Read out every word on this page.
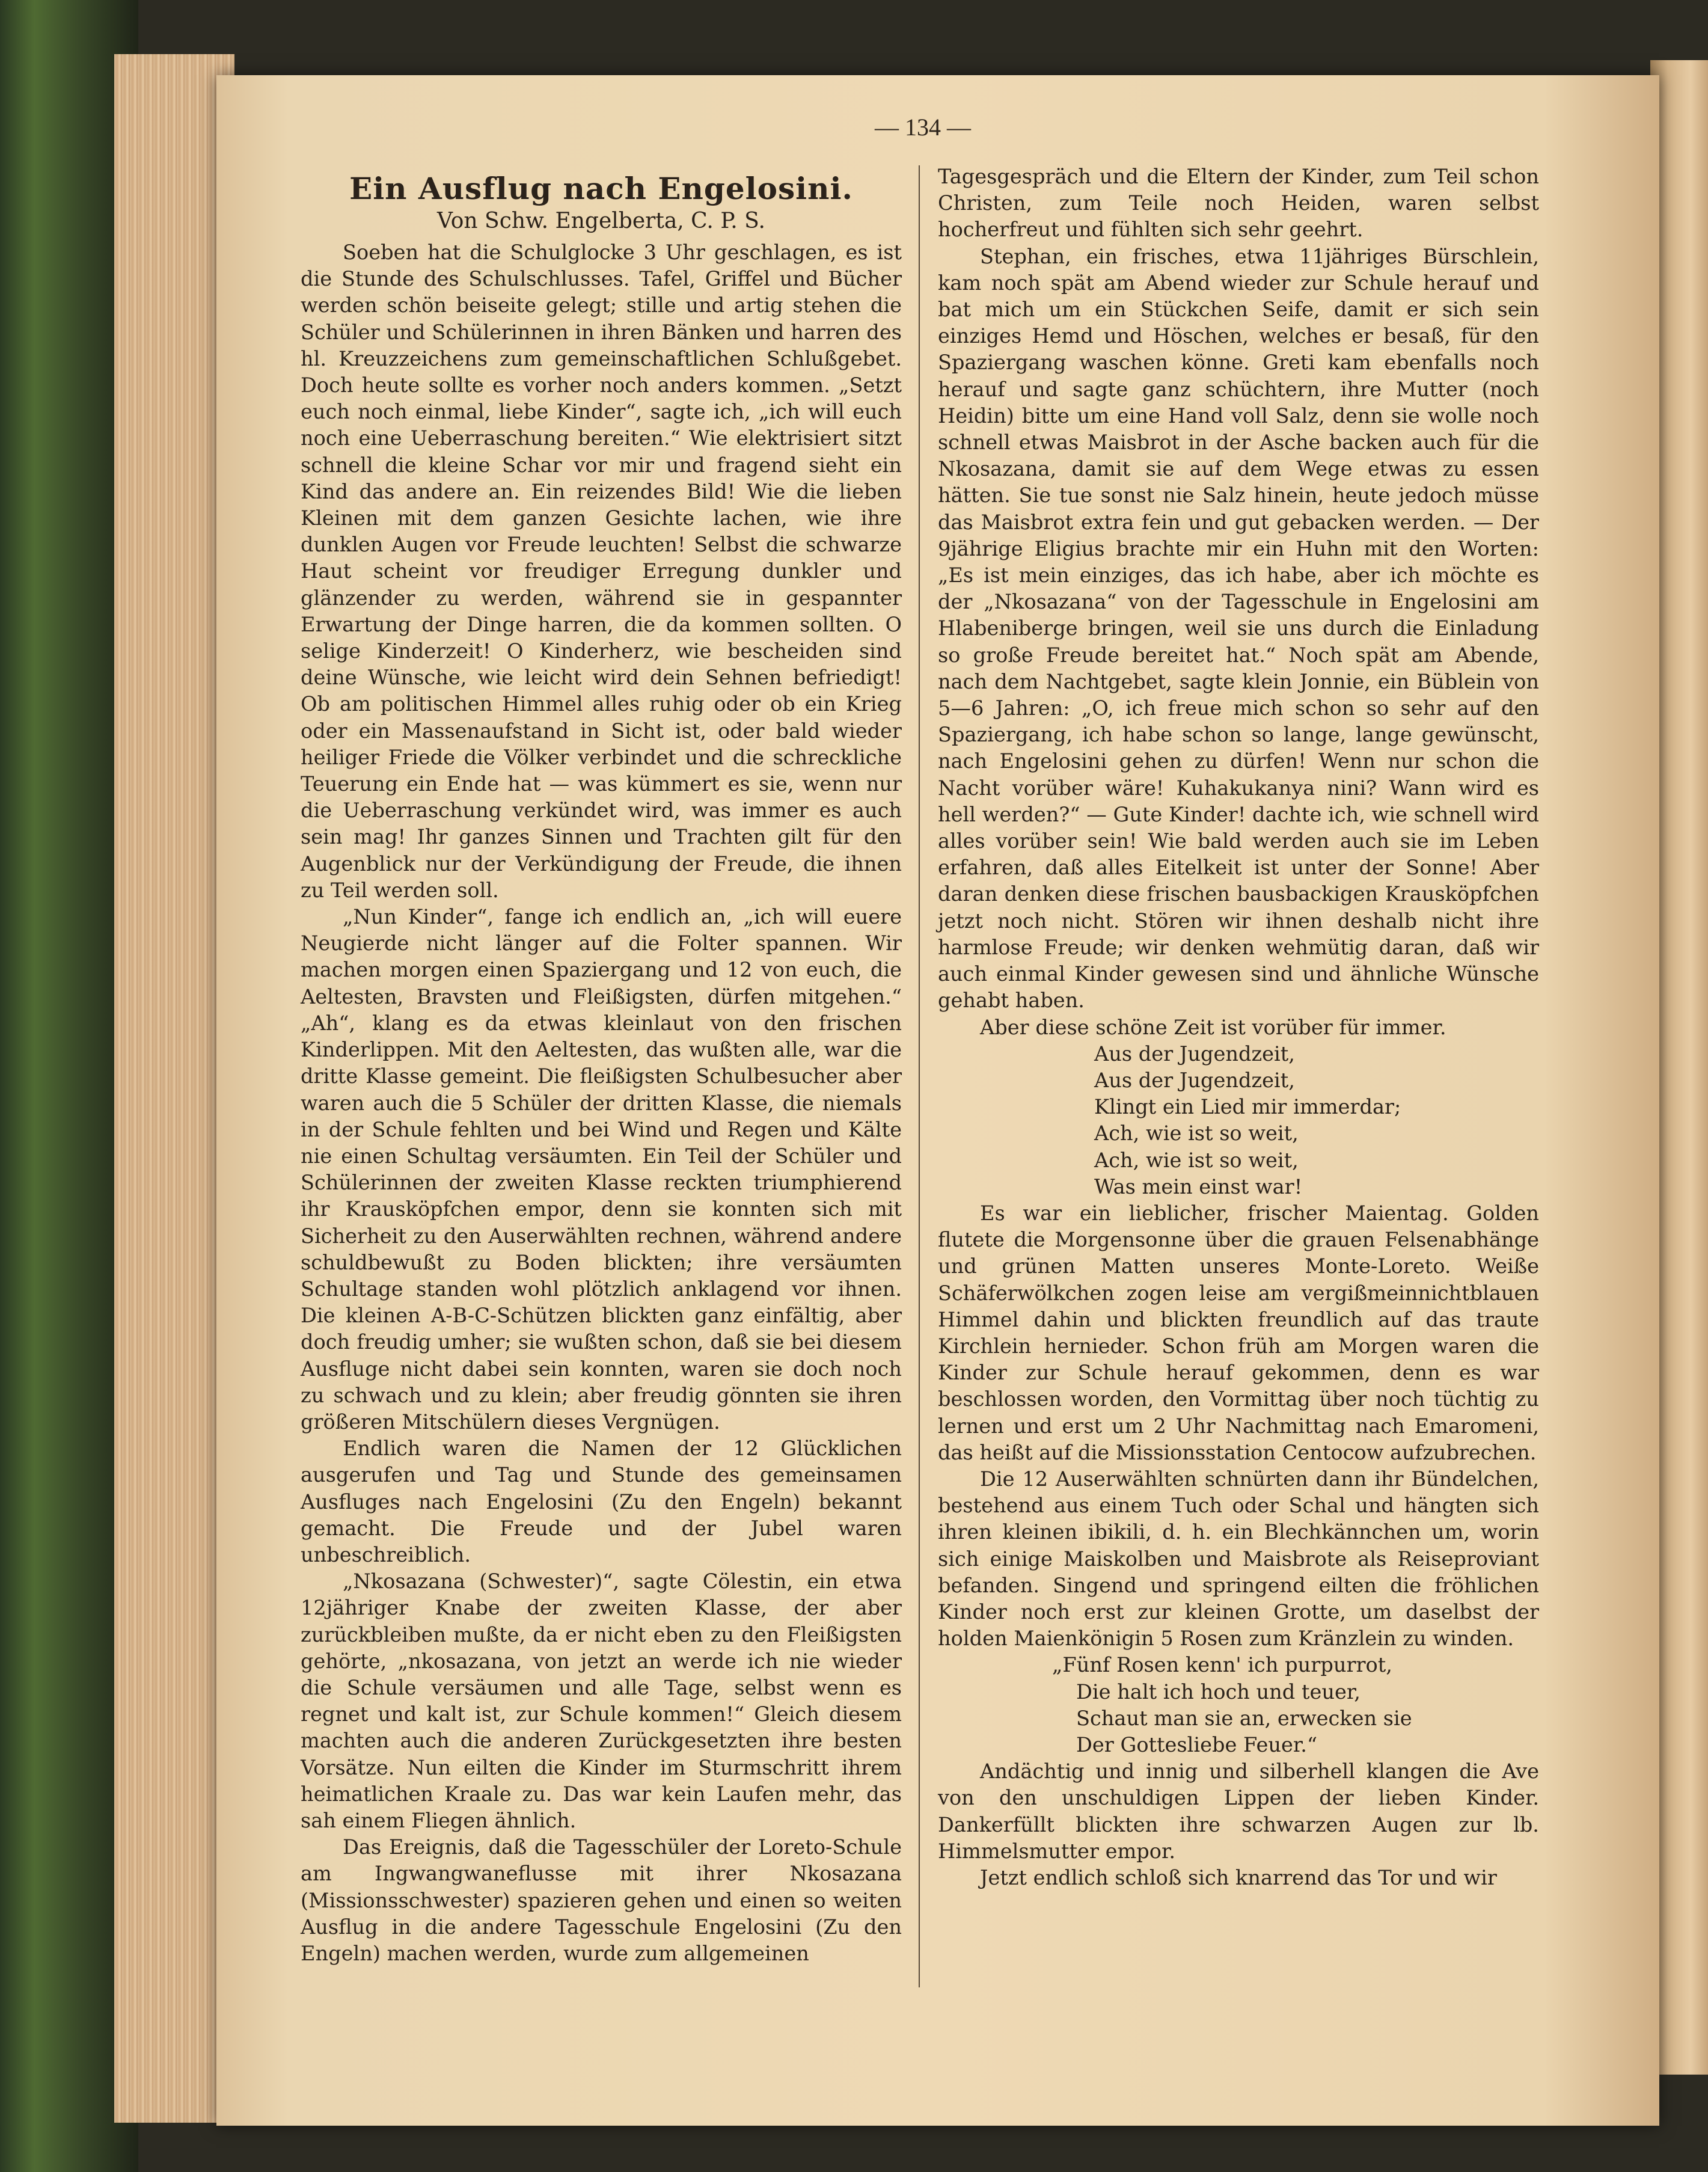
— 134 —
Ein Ausflug nach Engelosini.
Von Schw. Engelberta, C. P. S.

Soeben hat die Schulglocke 3 Uhr geschlagen, es ist die Stunde des Schulschlusses. Tafel, Griffel und Bücher werden schön beiseite gelegt; stille und artig stehen die Schüler und Schülerinnen in ihren Bänken und harren des hl. Kreuzzeichens zum gemeinschaftlichen Schlußgebet. Doch heute sollte es vorher noch anders kommen. „Setzt euch noch einmal, liebe Kinder“, sagte ich, „ich will euch noch eine Ueberraschung bereiten.“ Wie elektrisiert sitzt schnell die kleine Schar vor mir und fragend sieht ein Kind das andere an. Ein reizendes Bild! Wie die lieben Kleinen mit dem ganzen Gesichte lachen, wie ihre dunklen Augen vor Freude leuchten! Selbst die schwarze Haut scheint vor freudiger Erregung dunkler und glänzender zu werden, während sie in gespannter Erwartung der Dinge harren, die da kommen sollten. O selige Kinderzeit! O Kinderherz, wie bescheiden sind deine Wünsche, wie leicht wird dein Sehnen befriedigt! Ob am politischen Himmel alles ruhig oder ob ein Krieg oder ein Massenaufstand in Sicht ist, oder bald wieder heiliger Friede die Völker verbindet und die schreckliche Teuerung ein Ende hat — was kümmert es sie, wenn nur die Ueberraschung verkündet wird, was immer es auch sein mag! Ihr ganzes Sinnen und Trachten gilt für den Augenblick nur der Verkündigung der Freude, die ihnen zu Teil werden soll.

„Nun Kinder“, fange ich endlich an, „ich will euere Neugierde nicht länger auf die Folter spannen. Wir machen morgen einen Spaziergang und 12 von euch, die Aeltesten, Bravsten und Fleißigsten, dürfen mitgehen.“ „Ah“, klang es da etwas kleinlaut von den frischen Kinderlippen. Mit den Aeltesten, das wußten alle, war die dritte Klasse gemeint. Die fleißigsten Schulbesucher aber waren auch die 5 Schüler der dritten Klasse, die niemals in der Schule fehlten und bei Wind und Regen und Kälte nie einen Schultag versäumten. Ein Teil der Schüler und Schülerinnen der zweiten Klasse reckten triumphierend ihr Krausköpfchen empor, denn sie konnten sich mit Sicherheit zu den Auserwählten rechnen, während andere schuldbewußt zu Boden blickten; ihre versäumten Schultage standen wohl plötzlich anklagend vor ihnen. Die kleinen A-B-C-Schützen blickten ganz einfältig, aber doch freudig umher; sie wußten schon, daß sie bei diesem Ausfluge nicht dabei sein konnten, waren sie doch noch zu schwach und zu klein; aber freudig gönnten sie ihren größeren Mitschülern dieses Vergnügen.

Endlich waren die Namen der 12 Glücklichen ausgerufen und Tag und Stunde des gemeinsamen Ausfluges nach Engelosini (Zu den Engeln) bekannt gemacht. Die Freude und der Jubel waren unbeschreiblich.

„Nkosazana (Schwester)“, sagte Cölestin, ein etwa 12jähriger Knabe der zweiten Klasse, der aber zurückbleiben mußte, da er nicht eben zu den Fleißigsten gehörte, „nkosazana, von jetzt an werde ich nie wieder die Schule versäumen und alle Tage, selbst wenn es regnet und kalt ist, zur Schule kommen!“ Gleich diesem machten auch die anderen Zurückgesetzten ihre besten Vorsätze. Nun eilten die Kinder im Sturmschritt ihrem heimatlichen Kraale zu. Das war kein Laufen mehr, das sah einem Fliegen ähnlich.

Das Ereignis, daß die Tagesschüler der Loreto-Schule am Ingwangwaneflusse mit ihrer Nkosazana (Missionsschwester) spazieren gehen und einen so weiten Ausflug in die andere Tagesschule Engelosini (Zu den Engeln) machen werden, wurde zum allgemeinen

Tagesgespräch und die Eltern der Kinder, zum Teil schon Christen, zum Teile noch Heiden, waren selbst hocherfreut und fühlten sich sehr geehrt.

Stephan, ein frisches, etwa 11jähriges Bürschlein, kam noch spät am Abend wieder zur Schule herauf und bat mich um ein Stückchen Seife, damit er sich sein einziges Hemd und Höschen, welches er besaß, für den Spaziergang waschen könne. Greti kam ebenfalls noch herauf und sagte ganz schüchtern, ihre Mutter (noch Heidin) bitte um eine Hand voll Salz, denn sie wolle noch schnell etwas Maisbrot in der Asche backen auch für die Nkosazana, damit sie auf dem Wege etwas zu essen hätten. Sie tue sonst nie Salz hinein, heute jedoch müsse das Maisbrot extra fein und gut gebacken werden. — Der 9jährige Eligius brachte mir ein Huhn mit den Worten: „Es ist mein einziges, das ich habe, aber ich möchte es der „Nkosazana“ von der Tagesschule in Engelosini am Hlabeniberge bringen, weil sie uns durch die Einladung so große Freude bereitet hat.“ Noch spät am Abende, nach dem Nachtgebet, sagte klein Jonnie, ein Büblein von 5—6 Jahren: „O, ich freue mich schon so sehr auf den Spaziergang, ich habe schon so lange, lange gewünscht, nach Engelosini gehen zu dürfen! Wenn nur schon die Nacht vorüber wäre! Kuhakukanya nini? Wann wird es hell werden?“ — Gute Kinder! dachte ich, wie schnell wird alles vorüber sein! Wie bald werden auch sie im Leben erfahren, daß alles Eitelkeit ist unter der Sonne! Aber daran denken diese frischen bausbackigen Krausköpfchen jetzt noch nicht. Stören wir ihnen deshalb nicht ihre harmlose Freude; wir denken wehmütig daran, daß wir auch einmal Kinder gewesen sind und ähnliche Wünsche gehabt haben.

Aber diese schöne Zeit ist vorüber für immer.

Aus der Jugendzeit,
Aus der Jugendzeit,
Klingt ein Lied mir immerdar;
Ach, wie ist so weit,
Ach, wie ist so weit,
Was mein einst war!

Es war ein lieblicher, frischer Maientag. Golden flutete die Morgensonne über die grauen Felsenabhänge und grünen Matten unseres Monte-Loreto. Weiße Schäferwölkchen zogen leise am vergißmeinnichtblauen Himmel dahin und blickten freundlich auf das traute Kirchlein hernieder. Schon früh am Morgen waren die Kinder zur Schule herauf gekommen, denn es war beschlossen worden, den Vormittag über noch tüchtig zu lernen und erst um 2 Uhr Nachmittag nach Emaromeni, das heißt auf die Missionsstation Centocow aufzubrechen.

Die 12 Auserwählten schnürten dann ihr Bündelchen, bestehend aus einem Tuch oder Schal und hängten sich ihren kleinen ibikili, d. h. ein Blechkännchen um, worin sich einige Maiskolben und Maisbrote als Reiseproviant befanden. Singend und springend eilten die fröhlichen Kinder noch erst zur kleinen Grotte, um daselbst der holden Maienkönigin 5 Rosen zum Kränzlein zu winden.

„Fünf Rosen kenn' ich purpurrot,
Die halt ich hoch und teuer,
Schaut man sie an, erwecken sie
Der Gottesliebe Feuer.“

Andächtig und innig und silberhell klangen die Ave von den unschuldigen Lippen der lieben Kinder. Dankerfüllt blickten ihre schwarzen Augen zur lb. Himmelsmutter empor.

Jetzt endlich schloß sich knarrend das Tor und wir
